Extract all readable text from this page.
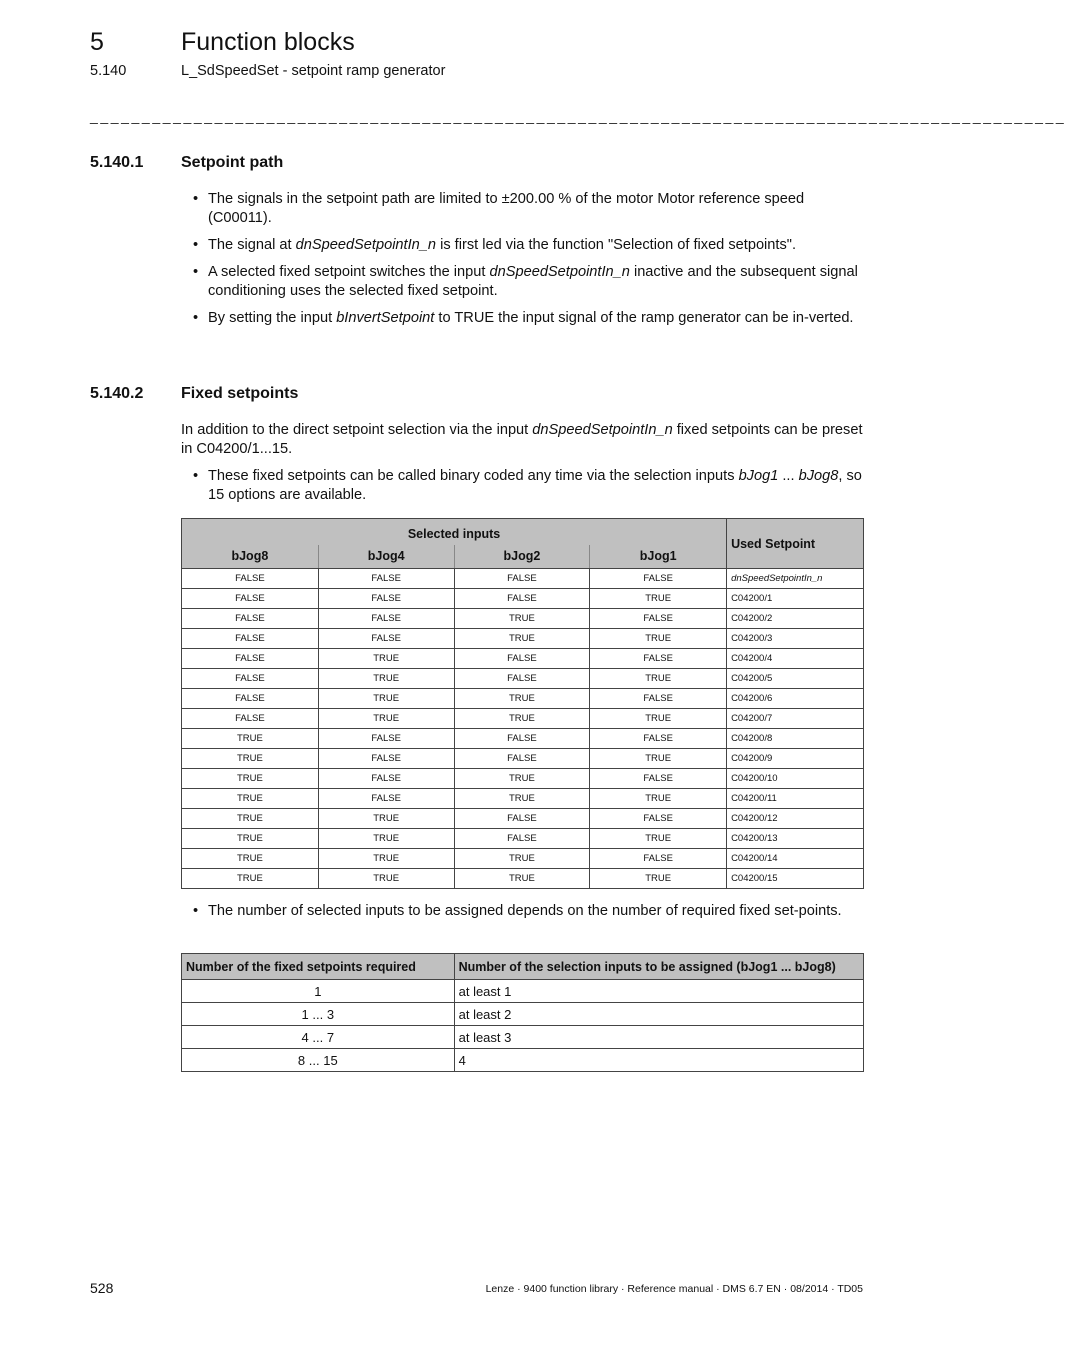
5	Function blocks
5.140	L_SdSpeedSet - setpoint ramp generator
______________________________________________________________________________________________
5.140.1 Setpoint path
• The signals in the setpoint path are limited to ±200.00 % of the motor Motor reference speed (C00011).
• The signal at dnSpeedSetpointIn_n is first led via the function "Selection of fixed setpoints".
• A selected fixed setpoint switches the input dnSpeedSetpointIn_n inactive and the subsequent signal conditioning uses the selected fixed setpoint.
• By setting the input bInvertSetpoint to TRUE the input signal of the ramp generator can be in-verted.
5.140.2 Fixed setpoints

In addition to the direct setpoint selection via the input dnSpeedSetpointIn_n fixed setpoints can be preset in C04200/1...15.

• These fixed setpoints can be called binary coded any time via the selection inputs bJog1 ... bJog8, so 15 options are available.
Selected inputs				Used Setpoint
bJog8	bJog4	bJog2	bJog1	
FALSE	FALSE	FALSE	FALSE	dnSpeedSetpointIn_n
FALSE	FALSE	FALSE	TRUE	C04200/1
FALSE	FALSE	TRUE	FALSE	C04200/2
FALSE	FALSE	TRUE	TRUE	C04200/3
FALSE	TRUE	FALSE	FALSE	C04200/4
FALSE	TRUE	FALSE	TRUE	C04200/5
FALSE	TRUE	TRUE	FALSE	C04200/6
FALSE	TRUE	TRUE	TRUE	C04200/7
TRUE	FALSE	FALSE	FALSE	C04200/8
TRUE	FALSE	FALSE	TRUE	C04200/9
TRUE	FALSE	TRUE	FALSE	C04200/10
TRUE	FALSE	TRUE	TRUE	C04200/11
TRUE	TRUE	FALSE	FALSE	C04200/12
TRUE	TRUE	FALSE	TRUE	C04200/13
TRUE	TRUE	TRUE	FALSE	C04200/14
TRUE	TRUE	TRUE	TRUE	C04200/15
• The number of selected inputs to be assigned depends on the number of required fixed set-points.
Number of the fixed setpoints required	Number of the selection inputs to be assigned (bJog1 ... bJog8)
1	at least 1
1 ... 3	at least 2
4 ... 7	at least 3
8 ... 15	4
528	Lenze · 9400 function library · Reference manual · DMS 6.7 EN · 08/2014 · TD05
